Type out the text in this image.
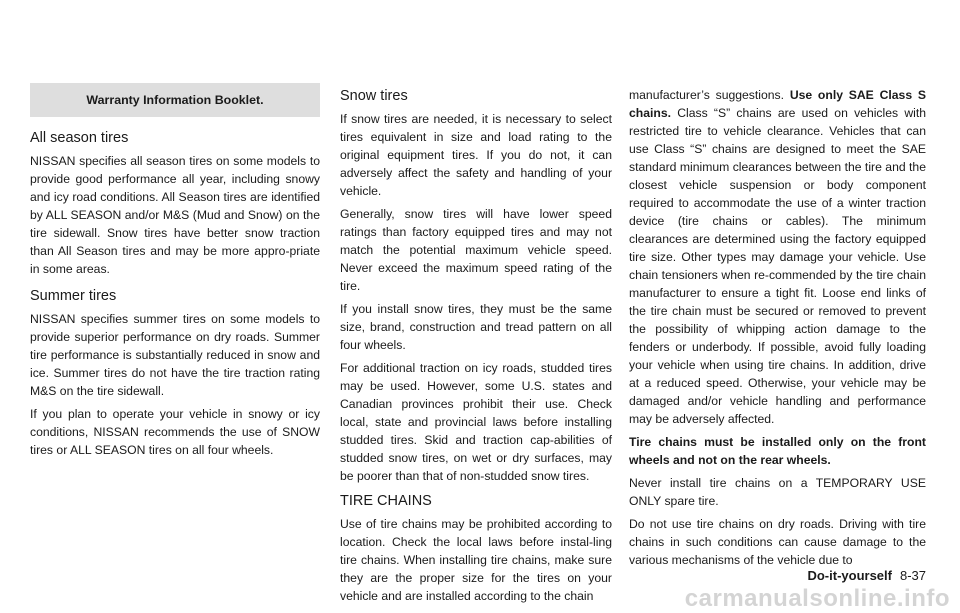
Warranty Information Booklet.
All season tires

NISSAN specifies all season tires on some models to provide good performance all year, including snowy and icy road conditions. All Season tires are identified by ALL SEASON and/or M&S (Mud and Snow) on the tire sidewall. Snow tires have better snow traction than All Season tires and may be more appro-priate in some areas.

Summer tires

NISSAN specifies summer tires on some models to provide superior performance on dry roads. Summer tire performance is substantially reduced in snow and ice. Summer tires do not have the tire traction rating M&S on the tire sidewall.

If you plan to operate your vehicle in snowy or icy conditions, NISSAN recommends the use of SNOW tires or ALL SEASON tires on all four wheels.

Snow tires

If snow tires are needed, it is necessary to select tires equivalent in size and load rating to the original equipment tires. If you do not, it can adversely affect the safety and handling of your vehicle.

Generally, snow tires will have lower speed ratings than factory equipped tires and may not match the potential maximum vehicle speed. Never exceed the maximum speed rating of the tire.

If you install snow tires, they must be the same size, brand, construction and tread pattern on all four wheels.

For additional traction on icy roads, studded tires may be used. However, some U.S. states and Canadian provinces prohibit their use. Check local, state and provincial laws before installing studded tires. Skid and traction cap-abilities of studded snow tires, on wet or dry surfaces, may be poorer than that of non-studded snow tires.

TIRE CHAINS

Use of tire chains may be prohibited according to location. Check the local laws before instal-ling tire chains. When installing tire chains, make sure they are the proper size for the tires on your vehicle and are installed according to the chain

manufacturer’s suggestions. Use only SAE Class S chains. Class “S” chains are used on vehicles with restricted tire to vehicle clearance. Vehicles that can use Class “S” chains are designed to meet the SAE standard minimum clearances between the tire and the closest vehicle suspension or body component required to accommodate the use of a winter traction device (tire chains or cables). The minimum clearances are determined using the factory equipped tire size. Other types may damage your vehicle. Use chain tensioners when re-commended by the tire chain manufacturer to ensure a tight fit. Loose end links of the tire chain must be secured or removed to prevent the possibility of whipping action damage to the fenders or underbody. If possible, avoid fully loading your vehicle when using tire chains. In addition, drive at a reduced speed. Otherwise, your vehicle may be damaged and/or vehicle handling and performance may be adversely affected.

Tire chains must be installed only on the front wheels and not on the rear wheels.

Never install tire chains on a TEMPORARY USE ONLY spare tire.

Do not use tire chains on dry roads. Driving with tire chains in such conditions can cause damage to the various mechanisms of the vehicle due to

Do-it-yourself 8-37
carmanualsonline.info
